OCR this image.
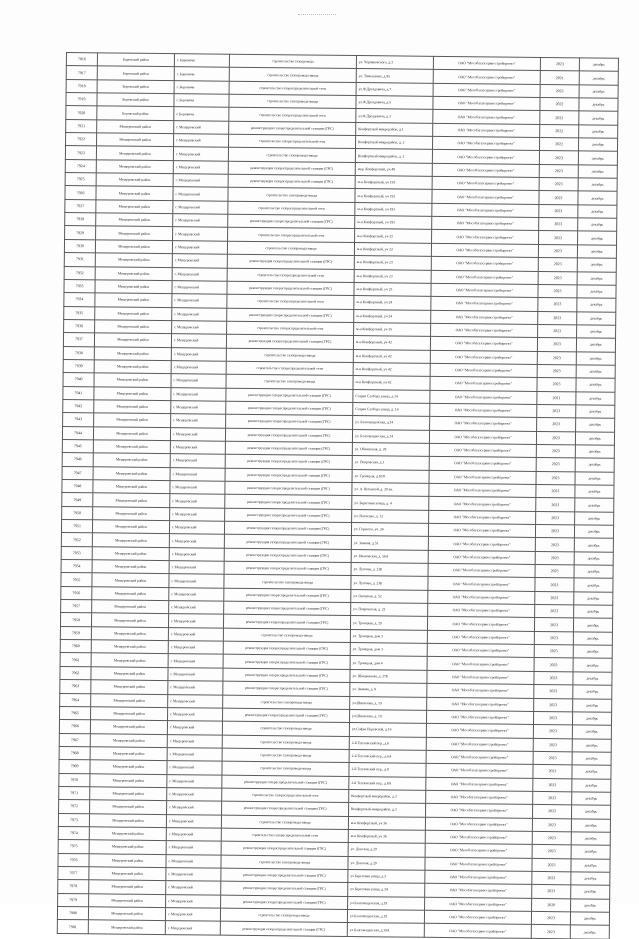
7816	Боровский район	г. Боровичи	строительство газопровода	ул. Черняковского, д.3	ОАО "Мособлгазсервисстройпроект"	2023	декабрь
7917	Боровский район	г. Боровичи	строительство газопровода-ввода	ул. Тимошенко, д.95	ОАО "Мособлгазсервисстройпроект"	2021	декабрь
7918	Боровский район	г. Боровичи	строительство газораспределительной сети	ул.Ф.Дроздовича, д.7	ОАО "Мособлгазсервисстройпроект"	2023	декабрь
7919	Боровский район	г. Боровичи	строительство газопровода-ввода	ул.Ф.Дроздовича, д.5	ОАО "Мособлгазсервисстройпроект"	2022	декабрь
7920	Боровский район	г. Боровичи	строительство газораспределительной сети	ул.Ф.Дроздовича, д.3	ОАО "Мособлгазсервисстройпроект"	2023	декабрь
7921	Мещеровский район	г. Мещеровский	реконструкция газораспределительной станции (ГРС)	Конфортный микрорайон, д.1	ОАО "Мособлгазсервисстройпроект"	2022	декабрь
7922	Мещеровский район	г. Мещеровский	строительство газораспределительной сети	Конфортный микрорайон, д. 2	ОАО "Мособлгазсервисстройпроект"	2022	декабрь
7923	Мещеровский район	г. Мещеровский	строительство газопровода-ввода	Конфортный микрорайон, д. 2	ОАО "Мособлгазсервисстройпроект"	2023	декабрь
7924	Мещеровский район	г. Мещеровский	реконструкция газораспределительной станции (ГРС)	мкр. Конфортный, уч.48	ОАО "Мособлгазсервисстройпроект"	2023	декабрь
7925	Мещеровский район	г. Мещеровский	реконструкция газораспределительной станции (ГРС)	м-н Конфортный, уч 193	ОАО "Мособлгазсервисстройпроект"	2023	декабрь
7926	Мещеровский район	г. Мещеровский	строительство газопровода-ввода	м-н Конфортный, уч 193	ОАО "Мособлгазсервисстройпроект"	2023	декабрь
7927	Мещеровский район	г. Мещеровский	строительство газораспределительной сети	м-н Конфортный, уч 193	ОАО "Мособлгазсервисстройпроект"	2023	декабрь
7928	Мещеровский район	г. Мещеровский	реконструкция газораспределительной станции (ГРС)	м-н Конфортный, уч 193	ОАО "Мособлгазсервисстройпроект"	2023	декабрь
7929	Мещеровский район	г. Мещеровский	строительство газораспределительной сети	м-н Конфортный, уч 22	ОАО "Мособлгазсервисстройпроект"	2023	декабрь
7930	Мещеровский район	г. Мещеровский	строительство газопровода-ввода	м-н Конфортный, уч 22	ОАО "Мособлгазсервисстройпроект"	2023	декабрь
7931	Мещеровский район	г. Мещеровский	реконструкция газораспределительной станции (ГРС)	м-н Конфортный, уч 23	ОАО "Мособлгазсервисстройпроект"	2023	декабрь
7932	Мещеровский район	г. Мещеровский	строительство газораспределительной сети	м-н Конфортный, уч 23	ОАО "Мособлгазсервисстройпроект"	2023	декабрь
7933	Мещеровский район	г. Мещеровский	реконструкция газораспределительной станции (ГРС)	м-н Конфортный, уч 23	ОАО "Мособлгазсервисстройпроект"	2023	декабрь
7934	Мещеровский район	г. Мещеровский	строительство газораспределительной сети	м-н Конфортный, уч 24	ОАО "Мособлгазсервисстройпроект"	2023	декабрь
7935	Мещеровский район	г. Мещеровский	реконструкция газораспределительной станции (ГРС)	м-н Конфортный, уч 24	ОАО "Мособлгазсервисстройпроект"	2023	декабрь
7936	Мещеровский район	г. Мещеровский	строительство газораспределительной сети	м-н Конфортный, уч 35	ОАО "Мособлгазсервисстройпроект"	2023	декабрь
7937	Мещеровский район	г. Мещеровский	реконструкция газораспределительной станции (ГРС)	м-н Конфортный, уч 42	ОАО "Мособлгазсервисстройпроект"	2023	декабрь
7938	Мещеровский район	г. Мещеровский	строительство газопровода-ввода	м-н Конфортный, уч 42	ОАО "Мособлгазсервисстройпроект"	2023	декабрь
7939	Мещеровский район	г. Мещеровский	строительство газораспределительной сети	м-н Конфортный, уч 42	ОАО "Мособлгазсервисстройпроект"	2023	декабрь
7940	Мещеровский район	г. Мещеровский	строительство газопровода-ввода	м-н Конфортный, уч 42	ОАО "Мособлгазсервисстройпроект"	2023	декабрь
7941	Мещеровский район	г. Мещеровский	реконструкция газораспределительной станции (ГРС)	Старая Слобода улица, д.14	ОАО "Мособлгазсервисстройпроект"	2021	декабрь
7942	Мещеровский район	г. Мещеровский	реконструкция газораспределительной станции (ГРС)	Старая Слобода улица, д. 14	ОАО "Мособлгазсервисстройпроект"	2023	декабрь
7943	Мещеровский район	г. Мещеровский	реконструкция газораспределительной станции (ГРС)	ул. Благовещенская, д.14	ОАО "Мособлгазсервисстройпроект"	2023	декабрь
7944	Мещеровский район	г. Мещеровский	реконструкция газораспределительной станции (ГРС)	ул. Благовещенская, д.14	ОАО "Мособлгазсервисстройпроект"	2023	декабрь
7945	Мещеровский район	г. Мещеровский	реконструкция газораспределительной станции (ГРС)	ул. Обжинская, д. 29	ОАО "Мособлгазсервисстройпроект"	2023	декабрь
7946	Мещеровский район	г. Мещеровский	реконструкция газораспределительной станции (ГРС)	ул. Покровская, д.1	ОАО "Мособлгазсервисстройпроект"	2023	декабрь
7947	Мещеровский район	г. Мещеровский	реконструкция газораспределительной станции (ГРС)	ул. Троицкая, д.10/0	ОАО "Мособлгазсервисстройпроект"	2023	декабрь
7948	Мещеровский район	г. Мещеровский	реконструкция газораспределительной станции (ГРС)	ул. А. Кутьиной, д. 20 кв.	ОАО "Мособлгазсервисстройпроект"	2023	декабрь
7949	Мещеровский район	г. Мещеровский	реконструкция газораспределительной станции (ГРС)	ул. Береговая улица, д. 4	ОАО "Мособлгазсервисстройпроект"	2023	декабрь
7950	Мещеровский район	г. Мещеровский	реконструкция газораспределительной станции (ГРС)	ул. Волченко, д. 12	ОАО "Мособлгазсервисстройпроект"	2023	декабрь
7951	Мещеровский район	г. Мещеровский	реконструкция газораспределительной станции (ГРС)	ул. Горького, уч. 24	ОАО "Мособлгазсервисстройпроект"	2023	декабрь
7952	Мещеровский район	г. Мещеровский	реконструкция газораспределительной станции (ГРС)	ул. Зимняя, д.51	ОАО "Мособлгазсервисстройпроект"	2023	декабрь
7953	Мещеровский район	г. Мещеровский	реконструкция газораспределительной станции (ГРС)	ул. Ивановская, д. 56А	ОАО "Мособлгазсервисстройпроект"	2023	декабрь
7954	Мещеровский район	г. Мещеровский	реконструкция газораспределительной станции (ГРС)	ул. Луговая, д. 23Б	ОАО "Мособлгазсервисстройпроект"	2023	декабрь
7955	Мещеровский район	г. Мещеровский	строительство газопровода-ввода	ул. Луговая, д. 23Б	ОАО "Мособлгазсервисстройпроект"	2023	декабрь
7956	Мещеровский район	г. Мещеровский	реконструкция газораспределительной станции (ГРС)	ул. Овошная, д. 52	ОАО "Мособлгазсервисстройпроект"	2023	декабрь
7957	Мещеровский район	г. Мещеровский	реконструкция газораспределительной станции (ГРС)	ул. Покровская, д. 22	ОАО "Мособлгазсервисстройпроект"	2023	декабрь
7958	Мещеровский район	г. Мещеровский	реконструкция газораспределительной станции (ГРС)	ул. Троицкая, д. 29	ОАО "Мособлгазсервисстройпроект"	2023	декабрь
7959	Мещеровский район	г. Мещеровский	строительство газопровода-ввода	ул. Троицкая, дом 3	ОАО "Мособлгазсервисстройпроект"	2023	декабрь
7960	Мещеровский район	г. Мещеровский	реконструкция газораспределительной станции (ГРС)	ул. Троицкая, дом 3	ОАО "Мособлгазсервисстройпроект"	2023	декабрь
7961	Мещеровский район	г. Мещеровский	реконструкция газораспределительной станции (ГРС)	ул. Троицкая, дом 4	ОАО "Мособлгазсервисстройпроект"	2023	декабрь
7962	Мещеровский район	г. Мещеровский	реконструкция газораспределительной станции (ГРС)	ул. Шверникова, д. 27Б	ОАО "Мособлгазсервисстройпроект"	2023	декабрь
7963	Мещеровский район	г. Мещеровский	реконструкция газораспределительной станции (ГРС)	ул. Зимняя, д. 8	ОАО "Мособлгазсервисстройпроект"	2023	декабрь
7964	Мещеровский район	г. Мещеровский	строительство газопровода-ввода	ул.Шипилова, д. 19	ОАО "Мособлгазсервисстройпроект"	2023	декабрь
7965	Мещеровский район	г. Мещеровский	реконструкция газораспределительной станции (ГРС)	ул.Шипилова, д. 19	ОАО "Мособлгазсервисстройпроект"	2023	декабрь
7966	Мещеровский район	г. Мещеровский	строительство газопровода-ввода	ул.Софья Перовской, д.16	ОАО "Мособлгазсервисстройпроект"	2023	декабрь
7967	Мещеровский район	г. Мещеровский	строительство газопровода-ввода	2-й Тепловский пер., д.6	ОАО "Мособлгазсервисстройпроект"	2023	декабрь
7968	Мещеровский район	г. Мещеровский	строительство газопровода-ввода	2-й Тепловский пер., д.6А	ОАО "Мособлгазсервисстройпроект"	2023	декабрь
7969	Мещеровский район	г. Мещеровский	строительство газопровода-ввода	2-й Тепловский пер., д.8	ОАО "Мособлгазсервисстройпроект"	2021	декабрь
7970	Мещеровский район	г. Мещеровский	реконструкция газораспределительной станции (ГРС)	2-й Тепловский пер., д.8А	ОАО "Мособлгазсервисстройпроект"	2023	декабрь
7971	Мещеровский район	г. Мещеровский	строительство газораспределительной сети	Конфортный микрорайон, д.3	ОАО "Мособлгазсервисстройпроект"	2023	декабрь
7972	Мещеровский район	г. Мещеровский	реконструкция газораспределительной станции (ГРС)	Конфортный микрорайон, д.3	ОАО "Мособлгазсервисстройпроект"	2023	декабрь
7973	Мещеровский район	г. Мещеровский	строительство газопровода-ввода	м-н Конфортный, уч 36	ОАО "Мособлгазсервисстройпроект"	2023	декабрь
7974	Мещеровский район	г. Мещеровский	строительство газораспределительной сети	м-н Конфортный, уч 36	ОАО "Мособлгазсервисстройпроект"	2023	декабрь
7975	Мещеровский район	г. Мещеровский	реконструкция газораспределительной станции (ГРС)	ул. Донская, д.29	ОАО "Мособлгазсервисстройпроект"	2023	декабрь
7976	Мещеровский район	г. Мещеровский	строительство газопровода-ввода	ул. Донская, д.29	ОАО "Мособлгазсервисстройпроект"	2023	декабрь
7977	Мещеровский район	г. Мещеровский	реконструкция газораспределительной станции (ГРС)	ул Береговая улица, д.3	ОАО "Мособлгазсервисстройпроект"	2023	декабрь
7978	Мещеровский район	г. Мещеровский	реконструкция газораспределительной станции (ГРС)	ул Береговая улица, д.3А	ОАО "Мособлгазсервисстройпроект"	2023	декабрь
7979	Мещеровский район	г. Мещеровский	реконструкция газораспределительной станции (ГРС)	ул Благовещенская, д.19	ОАО "Мособлгазсервисстройпроект"	2020	декабрь
7980	Мещеровский район	г. Мещеровский	строительство газопровода-ввода	ул Благовещенская, д.19	ОАО "Мособлгазсервисстройпроект"	2023	декабрь
7981	Мещеровский район	г. Мещеровский	реконструкция газораспределительной станции (ГРС)	ул Благовещенская, д.19А	ОАО "Мособлгазсервисстройпроект"	2023	декабрь
